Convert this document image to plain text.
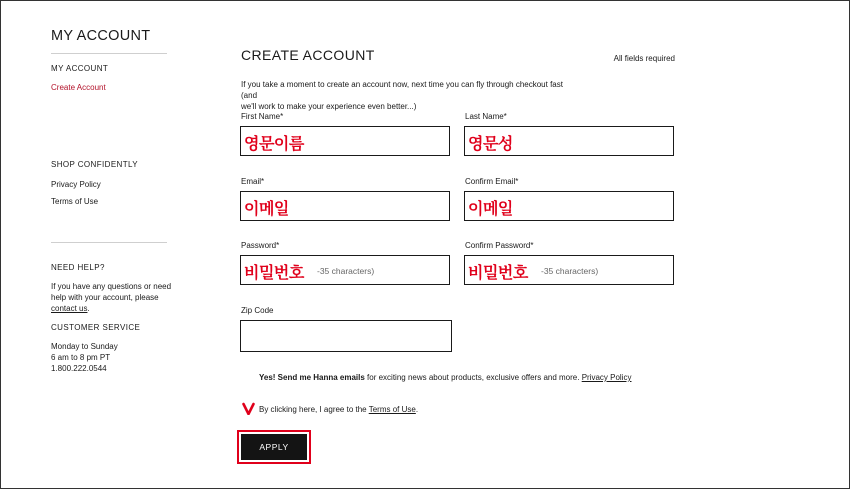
MY ACCOUNT
MY ACCOUNT
Create Account
SHOP CONFIDENTLY
Privacy Policy
Terms of Use
NEED HELP?
If you have any questions or need
help with your account, please
contact us.
CUSTOMER SERVICE
Monday to Sunday
6 am to 8 pm PT
1.800.222.0544
CREATE ACCOUNT	All fields required
If you take a moment to create an account now, next time you can fly through checkout fast (and
we'll work to make your experience even better...)
First Name*
영문이름
Last Name*
영문성
Email*
이메일
Confirm Email*
이메일
Password*
-35 characters)
비밀번호
Confirm Password*
-35 characters)
비밀번호
Zip Code
Yes! Send me Hanna emails for exciting news about products, exclusive offers and more. Privacy Policy
By clicking here, I agree to the Terms of Use.
APPLY
